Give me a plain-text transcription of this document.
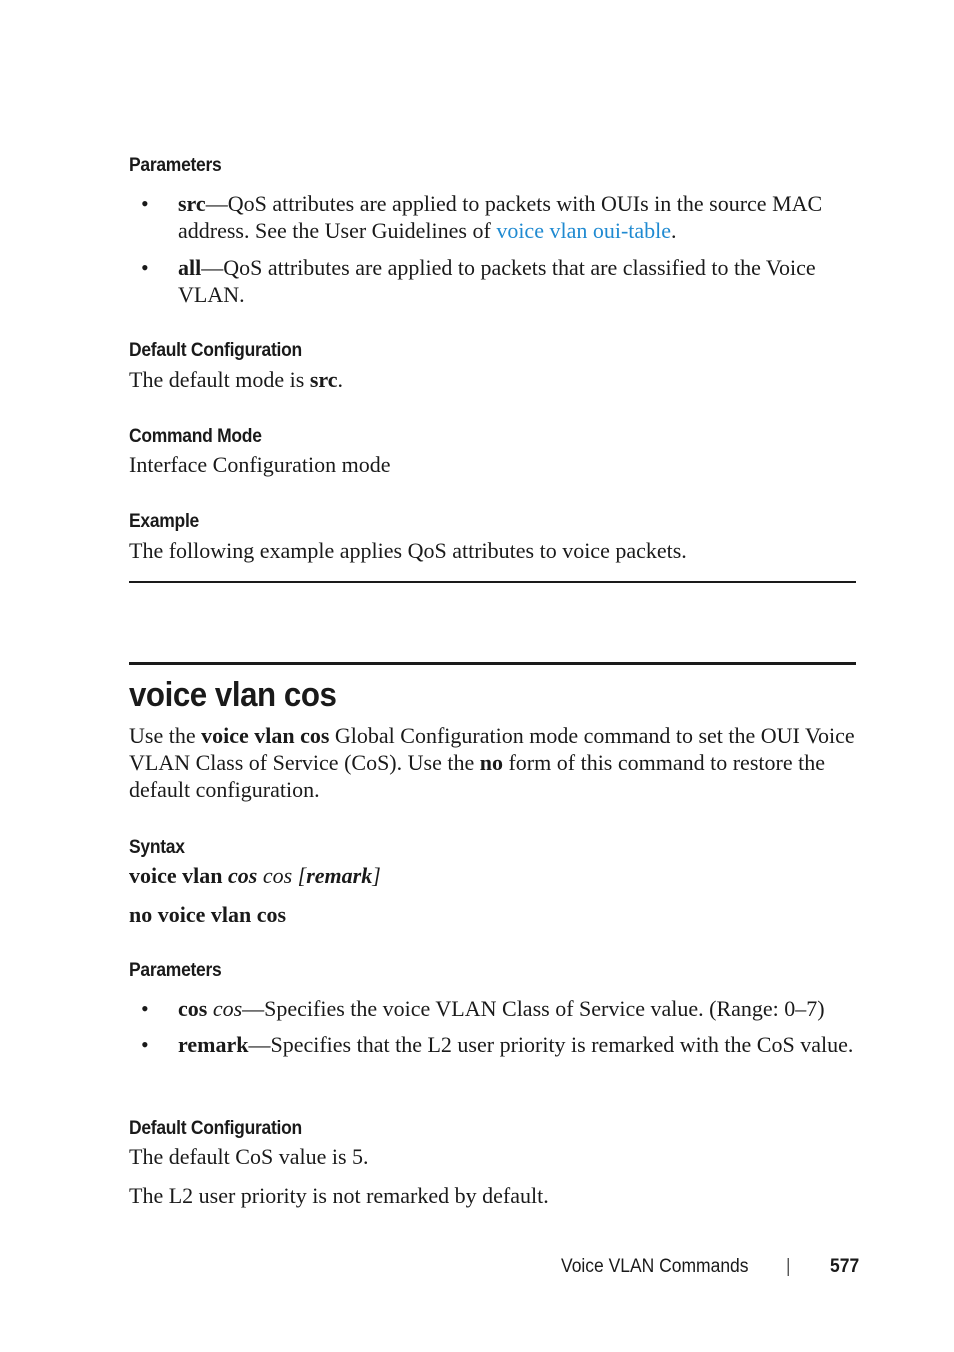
Parameters
• src—QoS attributes are applied to packets with OUIs in the source MAC address. See the User Guidelines of voice vlan oui-table.
• all—QoS attributes are applied to packets that are classified to the Voice VLAN.
Default Configuration

The default mode is src.

Command Mode

Interface Configuration mode

Example

The following example applies QoS attributes to voice packets.

voice vlan cos

Use the voice vlan cos Global Configuration mode command to set the OUI Voice VLAN Class of Service (CoS). Use the no form of this command to restore the default configuration.

Syntax

voice vlan cos cos [remark]

no voice vlan cos

Parameters
• cos cos—Specifies the voice VLAN Class of Service value. (Range: 0–7)
• remark—Specifies that the L2 user priority is remarked with the CoS value.
Default Configuration

The default CoS value is 5.

The L2 user priority is not remarked by default.

Voice VLAN Commands | 577
